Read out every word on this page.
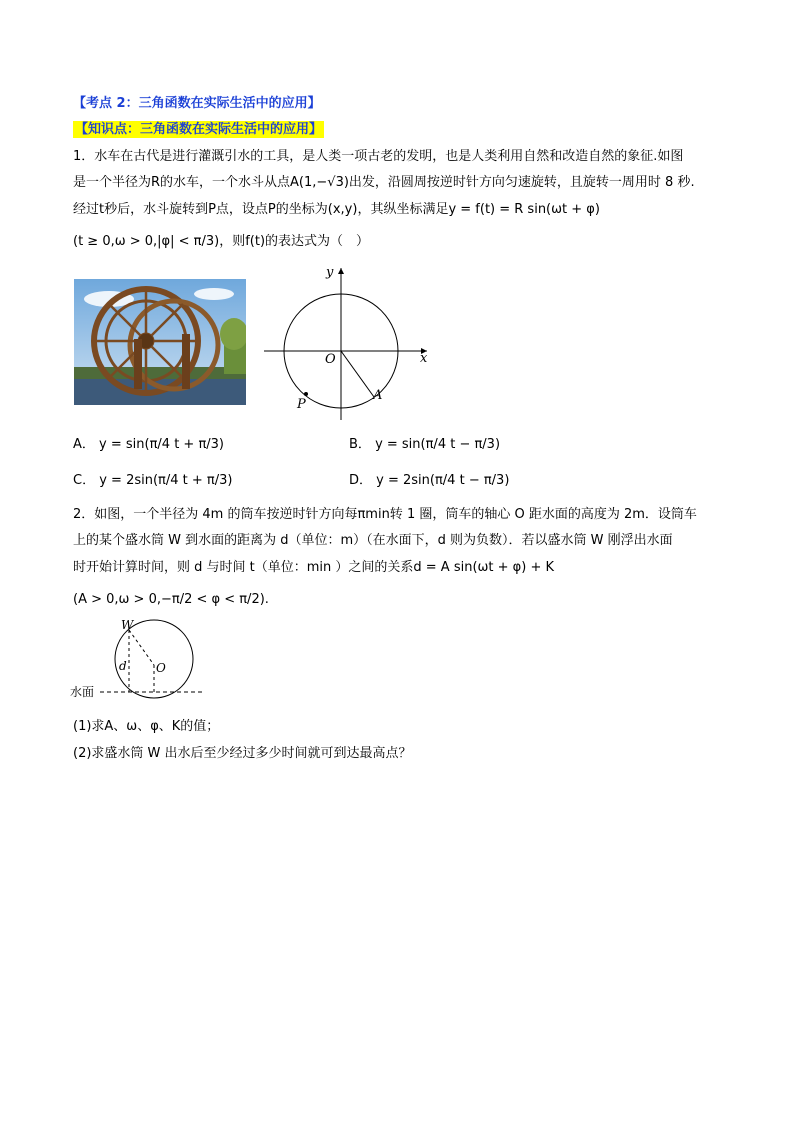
【考点 2：三角函数在实际生活中的应用】
【知识点：三角函数在实际生活中的应用】
1．水车在古代是进行灌溉引水的工具，是人类一项古老的发明，也是人类利用自然和改造自然的象征.如图
是一个半径为R的水车，一个水斗从点A(1,−√3)出发，沿圆周按逆时针方向匀速旋转，且旋转一周用时 8 秒.
经过t秒后，水斗旋转到P点，设点P的坐标为(x,y)，其纵坐标满足y = f(t) = R sin(ωt + φ)
(t ≥ 0,ω > 0,|φ| < π/3)，则f(t)的表达式为（　）
y
x
O
A
P
A． y = sin(π/4 t + π/3)	B． y = sin(π/4 t − π/3)
C． y = 2sin(π/4 t + π/3)	D． y = 2sin(π/4 t − π/3)
2．如图，一个半径为 4m 的筒车按逆时针方向每πmin转 1 圈，筒车的轴心 O 距水面的高度为 2m．设筒车
上的某个盛水筒 W 到水面的距离为 d（单位：m）（在水面下，d 则为负数）．若以盛水筒 W 刚浮出水面
时开始计算时间，则 d 与时间 t（单位：min ）之间的关系d = A sin(ωt + φ) + K
(A > 0,ω > 0,−π/2 < φ < π/2).
W
d O
水面
(1)求A、ω、φ、K的值；
(2)求盛水筒 W 出水后至少经过多少时间就可到达最高点？
